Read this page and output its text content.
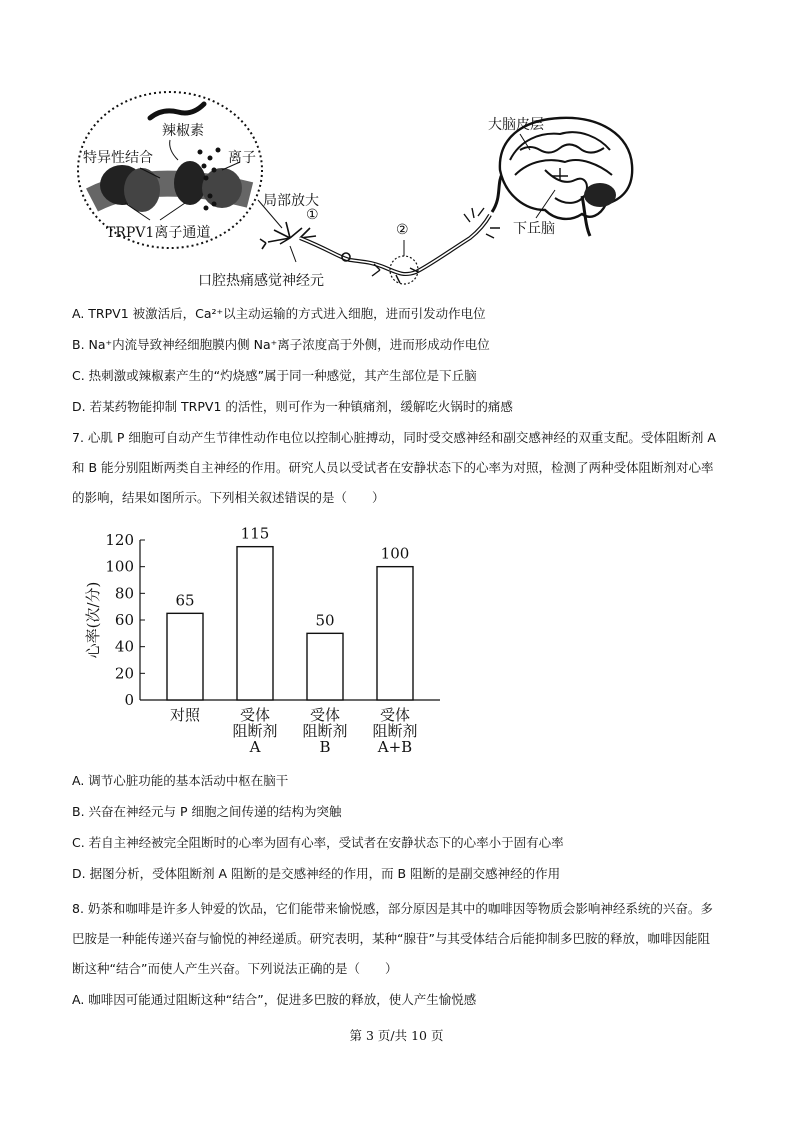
辣椒素
特异性结合	离子
TRPV1离子通道
局部放大
①
②
大脑皮层
下丘脑
口腔热痛感觉神经元
A. TRPV1 被激活后，Ca²⁺以主动运输的方式进入细胞，进而引发动作电位
B. Na⁺内流导致神经细胞膜内侧 Na⁺离子浓度高于外侧，进而形成动作电位
C. 热刺激或辣椒素产生的“灼烧感”属于同一种感觉，其产生部位是下丘脑
D. 若某药物能抑制 TRPV1 的活性，则可作为一种镇痛剂，缓解吃火锅时的痛感
7. 心肌 P 细胞可自动产生节律性动作电位以控制心脏搏动，同时受交感神经和副交感神经的双重支配。受体阻断剂 A 和 B 能分别阻断两类自主神经的作用。研究人员以受试者在安静状态下的心率为对照，检测了两种受体阻断剂对心率的影响，结果如图所示。下列相关叙述错误的是（　　）
0
20
40
60
80
100
120
心率(次/分)	65
对照
115
受体
阻断剂
A
50
受体
阻断剂
B
100
受体
阻断剂
A+B
A. 调节心脏功能的基本活动中枢在脑干
B. 兴奋在神经元与 P 细胞之间传递的结构为突触
C. 若自主神经被完全阻断时的心率为固有心率，受试者在安静状态下的心率小于固有心率
D. 据图分析，受体阻断剂 A 阻断的是交感神经的作用，而 B 阻断的是副交感神经的作用
8. 奶茶和咖啡是许多人钟爱的饮品，它们能带来愉悦感，部分原因是其中的咖啡因等物质会影响神经系统的兴奋。多巴胺是一种能传递兴奋与愉悦的神经递质。研究表明，某种“腺苷”与其受体结合后能抑制多巴胺的释放，咖啡因能阻断这种“结合”而使人产生兴奋。下列说法正确的是（　　）
A. 咖啡因可能通过阻断这种“结合”，促进多巴胺的释放，使人产生愉悦感
第 3 页/共 10 页
